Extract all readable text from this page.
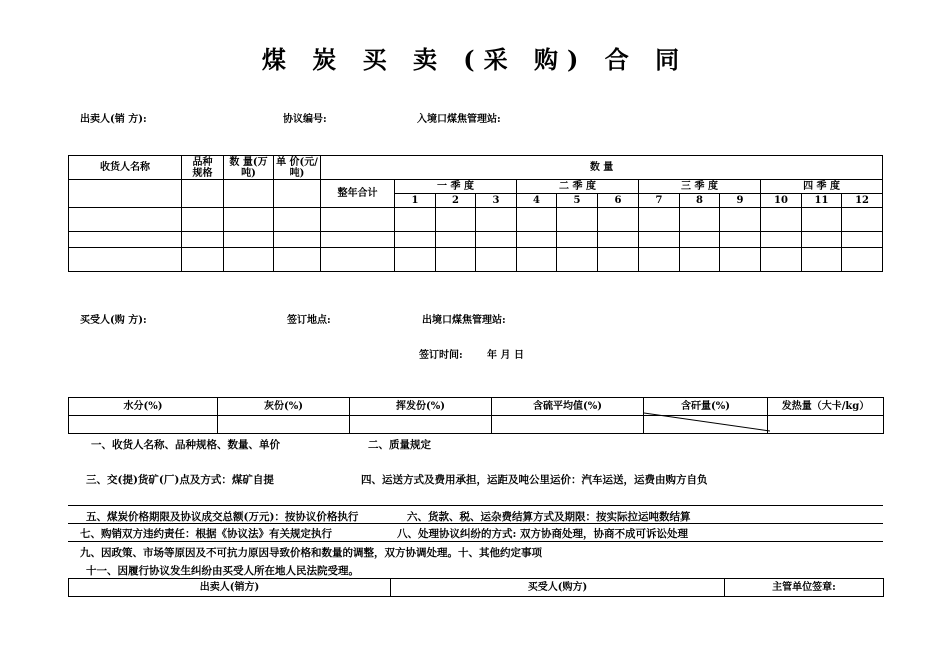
煤 炭 买 卖 (采 购) 合 同
出卖人(销 方):	协议编号:	入境口煤焦管理站:
收货人名称	品种规格	数 量(万吨)	单 价(元/吨)	数 量												
				整年合计	一 季 度			二 季 度			三 季 度			四 季 度		
					1	2	3	4	5	6	7	8	9	10	11	12

买受人(购 方):	签订地点:	出境口煤焦管理站:
签订时间: 年 月 日
水分(%)	灰份(%)	挥发份(%)	含硫平均值(%)	含矸量(%)	发热量（大卡/kg）

一、收货人名称、品种规格、数量、单价	二、质量规定
三、交(提)货矿(厂)点及方式：煤矿自提	四、运送方式及费用承担，运距及吨公里运价：汽车运送，运费由购方自负
五、煤炭价格期限及协议成交总额(万元)：按协议价格执行	六、货款、税、运杂费结算方式及期限：按实际拉运吨数结算
七、购销双方违约责任：根据《协议法》有关规定执行	八、处理协议纠纷的方式: 双方协商处理，协商不成可诉讼处理
九、因政策、市场等原因及不可抗力原因导致价格和数量的调整，双方协调处理。十、其他约定事项
十一、因履行协议发生纠纷由买受人所在地人民法院受理。
出卖人(销方)	买受人(购方)	主管单位签章:
